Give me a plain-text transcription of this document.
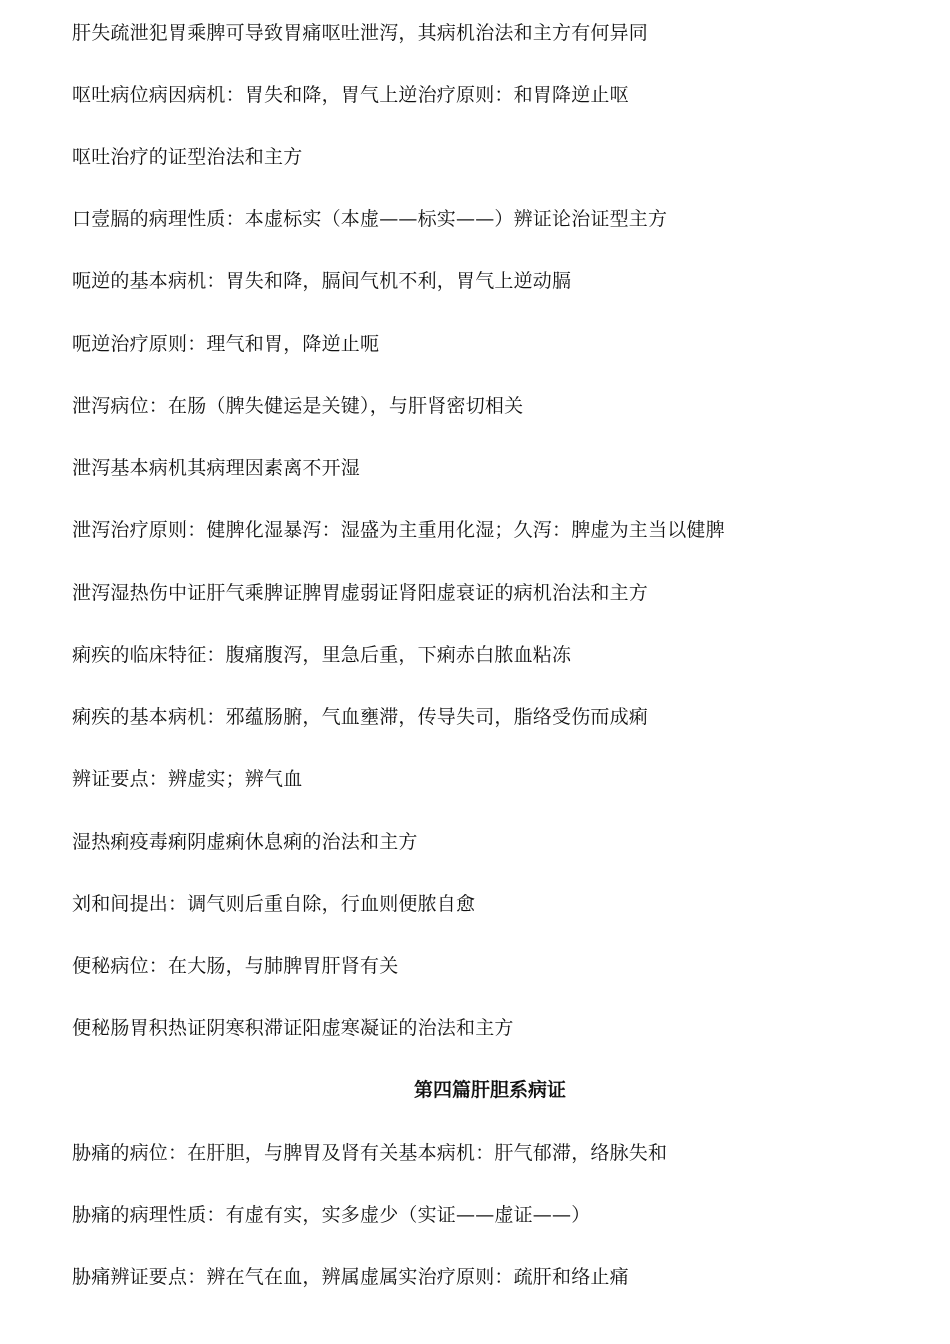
肝失疏泄犯胃乘脾可导致胃痛呕吐泄泻，其病机治法和主方有何异同

呕吐病位病因病机：胃失和降，胃气上逆治疗原则：和胃降逆止呕

呕吐治疗的证型治法和主方

口壹膈的病理性质：本虚标实（本虚——标实——）辨证论治证型主方

呃逆的基本病机：胃失和降，膈间气机不利，胃气上逆动膈

呃逆治疗原则：理气和胃，降逆止呃

泄泻病位：在肠（脾失健运是关键），与肝肾密切相关

泄泻基本病机其病理因素离不开湿

泄泻治疗原则：健脾化湿暴泻：湿盛为主重用化湿；久泻：脾虚为主当以健脾

泄泻湿热伤中证肝气乘脾证脾胃虚弱证肾阳虚衰证的病机治法和主方

痢疾的临床特征：腹痛腹泻，里急后重，下痢赤白脓血粘冻

痢疾的基本病机：邪蕴肠腑，气血壅滞，传导失司，脂络受伤而成痢

辨证要点：辨虚实；辨气血

湿热痢疫毒痢阴虚痢休息痢的治法和主方

刘和间提出：调气则后重自除，行血则便脓自愈

便秘病位：在大肠，与肺脾胃肝肾有关

便秘肠胃积热证阴寒积滞证阳虚寒凝证的治法和主方

第四篇肝胆系病证

胁痛的病位：在肝胆，与脾胃及肾有关基本病机：肝气郁滞，络脉失和

胁痛的病理性质：有虚有实，实多虚少（实证——虚证——）

胁痛辨证要点：辨在气在血，辨属虚属实治疗原则：疏肝和络止痛
